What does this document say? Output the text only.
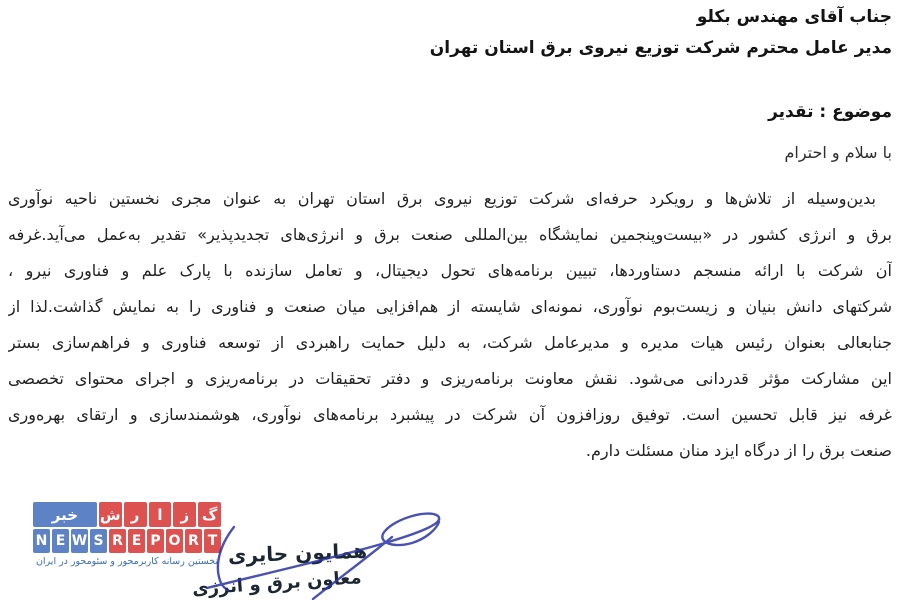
جناب آقای مهندس بکلو
مدیر عامل محترم شرکت توزیع نیروی برق استان تهران
موضوع : تقدیر
با سلام و احترام
بدین‌وسیله از تلاش‌ها و رویکرد حرفه‌ای شرکت توزیع نیروی برق استان تهران به عنوان مجری نخستین ناحیه نوآوری
برق و انرژی کشور در «بیست‌وپنجمین نمایشگاه بین‌المللی صنعت برق و انرژی‌های تجدیدپذیر» تقدیر به‌عمل می‌آید.غرفه
آن شرکت با ارائه منسجم دستاوردها، تبیین برنامه‌های تحول دیجیتال، و تعامل سازنده با پارک علم و فناوری نیرو ،
شرکتهای دانش بنیان و زیست‌بوم نوآوری، نمونه‌ای شایسته از هم‌افزایی میان صنعت و فناوری را به نمایش گذاشت.لذا از
جنابعالی بعنوان رئیس هیات مدیره و مدیرعامل شرکت، به دلیل حمایت راهبردی از توسعه فناوری و فراهم‌سازی بستر
این مشارکت مؤثر قدردانی می‌شود. نقش معاونت برنامه‌ریزی و دفتر تحقیقات در برنامه‌ریزی و اجرای محتوای تخصصی
غرفه نیز قابل تحسین است. توفیق روزافزون آن شرکت در پیشبرد برنامه‌های نوآوری، هوشمندسازی و ارتقای بهره‌وری
صنعت برق را از درگاه ایزد منان مسئلت دارم.
گ
ز
ا
ر
ش
خبر
N E W S R E P O R T
نخستین رسانه کاربرمحور و سئومحور در ایران همایون حایری
معاون برق و انرژی
